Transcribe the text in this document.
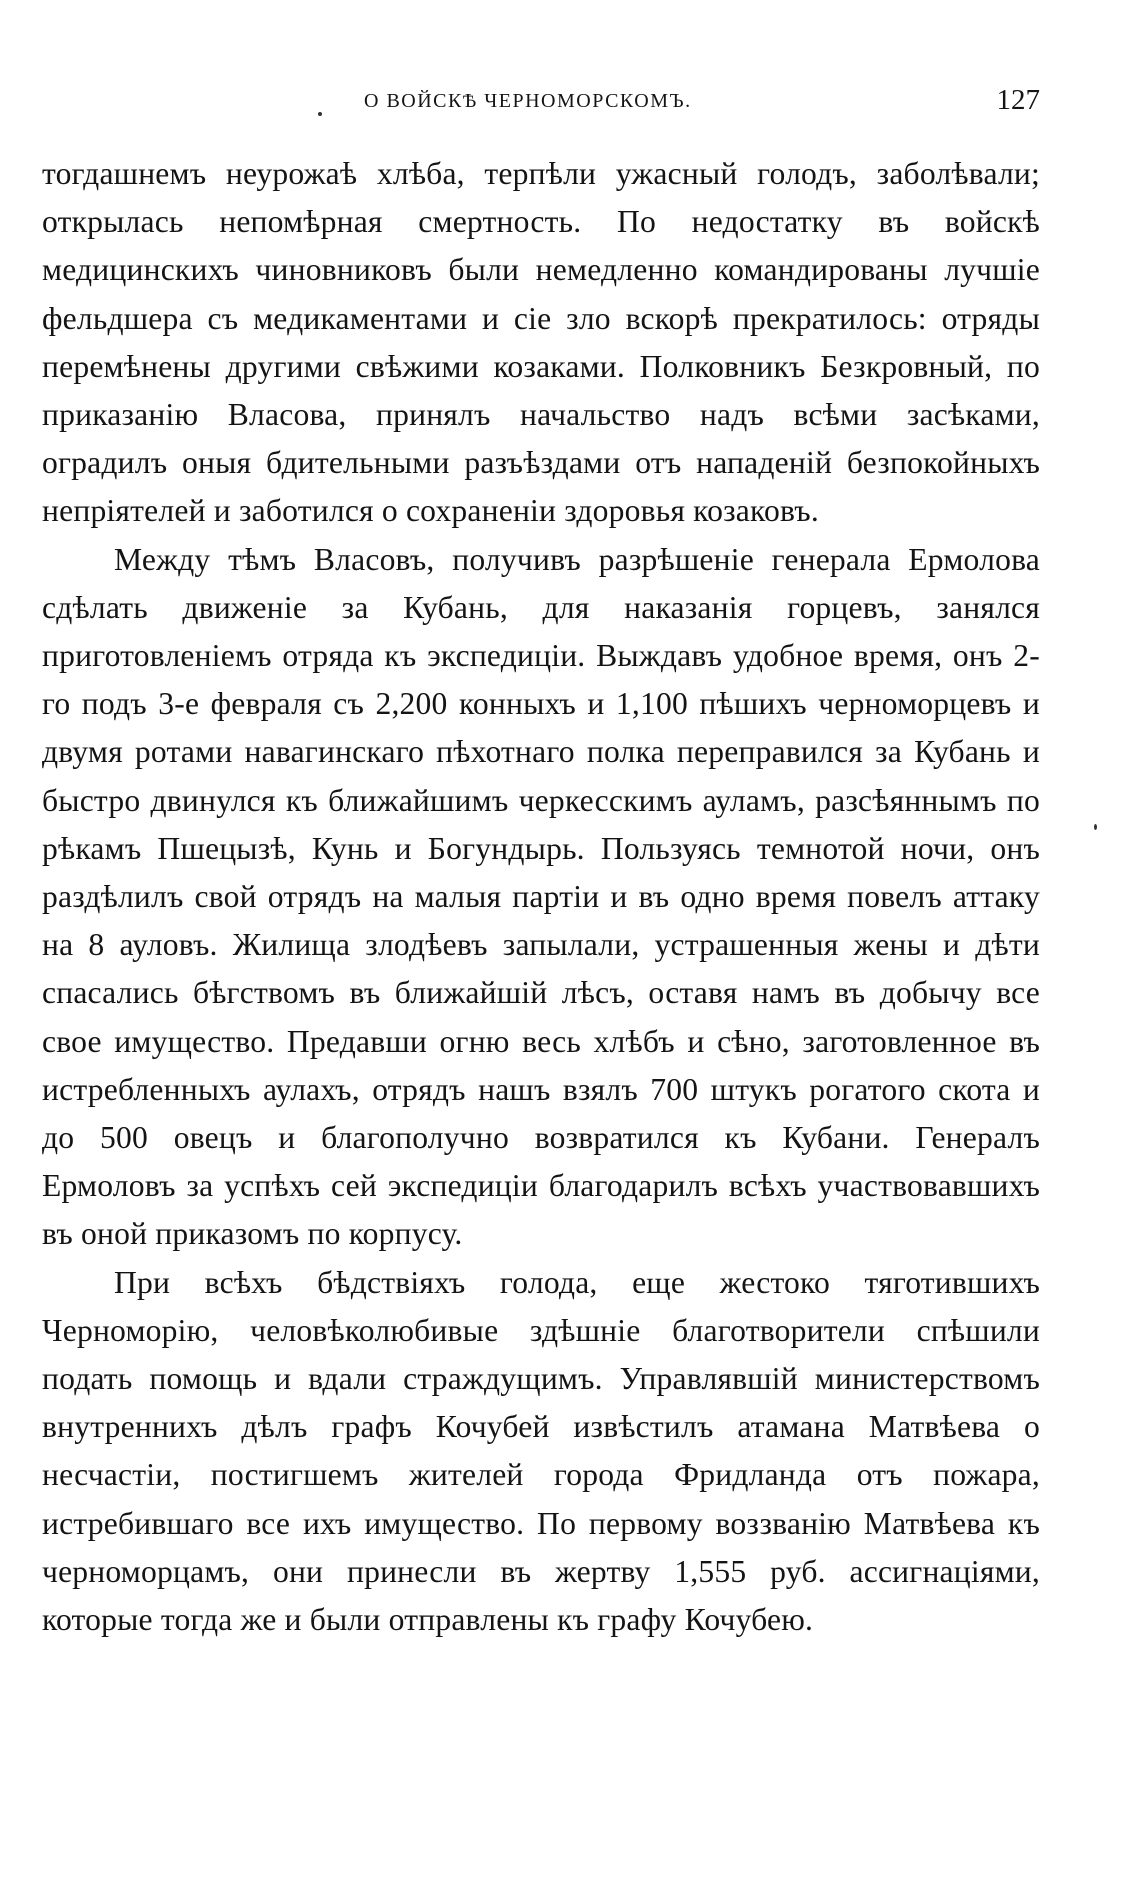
О ВОЙСКѢ ЧЕРНОМОРСКОМЪ.	127

тогдашнемъ неурожаѣ хлѣба, терпѣли ужасный голодъ, заболѣвали; открылась непомѣрная смертность. По недостатку въ войскѣ медицинскихъ чиновниковъ были немедленно командированы лучшіе фельдшера съ медикаментами и сіе зло вскорѣ прекратилось: отряды перемѣнены другими свѣжими козаками. Полковникъ Безкровный, по приказанію Власова, принялъ начальство надъ всѣми засѣками, оградилъ оныя бдительными разъѣздами отъ нападеній безпокойныхъ непріятелей и заботился о сохраненіи здоровья козаковъ.

Между тѣмъ Власовъ, получивъ разрѣшеніе генерала Ермолова сдѣлать движеніе за Кубань, для наказанія горцевъ, занялся приготовленіемъ отряда къ экспедиціи. Выждавъ удобное время, онъ 2-го подъ 3-е февраля съ 2,200 конныхъ и 1,100 пѣшихъ черноморцевъ и двумя ротами навагинскаго пѣхотнаго полка переправился за Кубань и быстро двинулся къ ближайшимъ черкесскимъ ауламъ, разсѣяннымъ по рѣкамъ Пшецызѣ, Кунь и Богундырь. Пользуясь темнотой ночи, онъ раздѣлилъ свой отрядъ на малыя партіи и въ одно время повелъ аттаку на 8 ауловъ. Жилища злодѣевъ запылали, устрашенныя жены и дѣти спасались бѣгствомъ въ ближайшій лѣсъ, оставя намъ въ добычу все свое имущество. Предавши огню весь хлѣбъ и сѣно, заготовленное въ истребленныхъ аулахъ, отрядъ нашъ взялъ 700 штукъ рогатого скота и до 500 овецъ и благополучно возвратился къ Кубани. Генералъ Ермоловъ за успѣхъ сей экспедиціи благодарилъ всѣхъ участвовавшихъ въ оной приказомъ по корпусу.

При всѣхъ бѣдствіяхъ голода, еще жестоко тяготившихъ Черноморію, человѣколюбивые здѣшніе благотворители спѣшили подать помощь и вдали страждущимъ. Управлявшій министерствомъ внутреннихъ дѣлъ графъ Кочубей извѣстилъ атамана Матвѣева о несчастіи, постигшемъ жителей города Фридланда отъ пожара, истребившаго все ихъ имущество. По первому воззванію Матвѣева къ черноморцамъ, они принесли въ жертву 1,555 руб. ассигнаціями, которые тогда же и были отправлены къ графу Кочубею.
